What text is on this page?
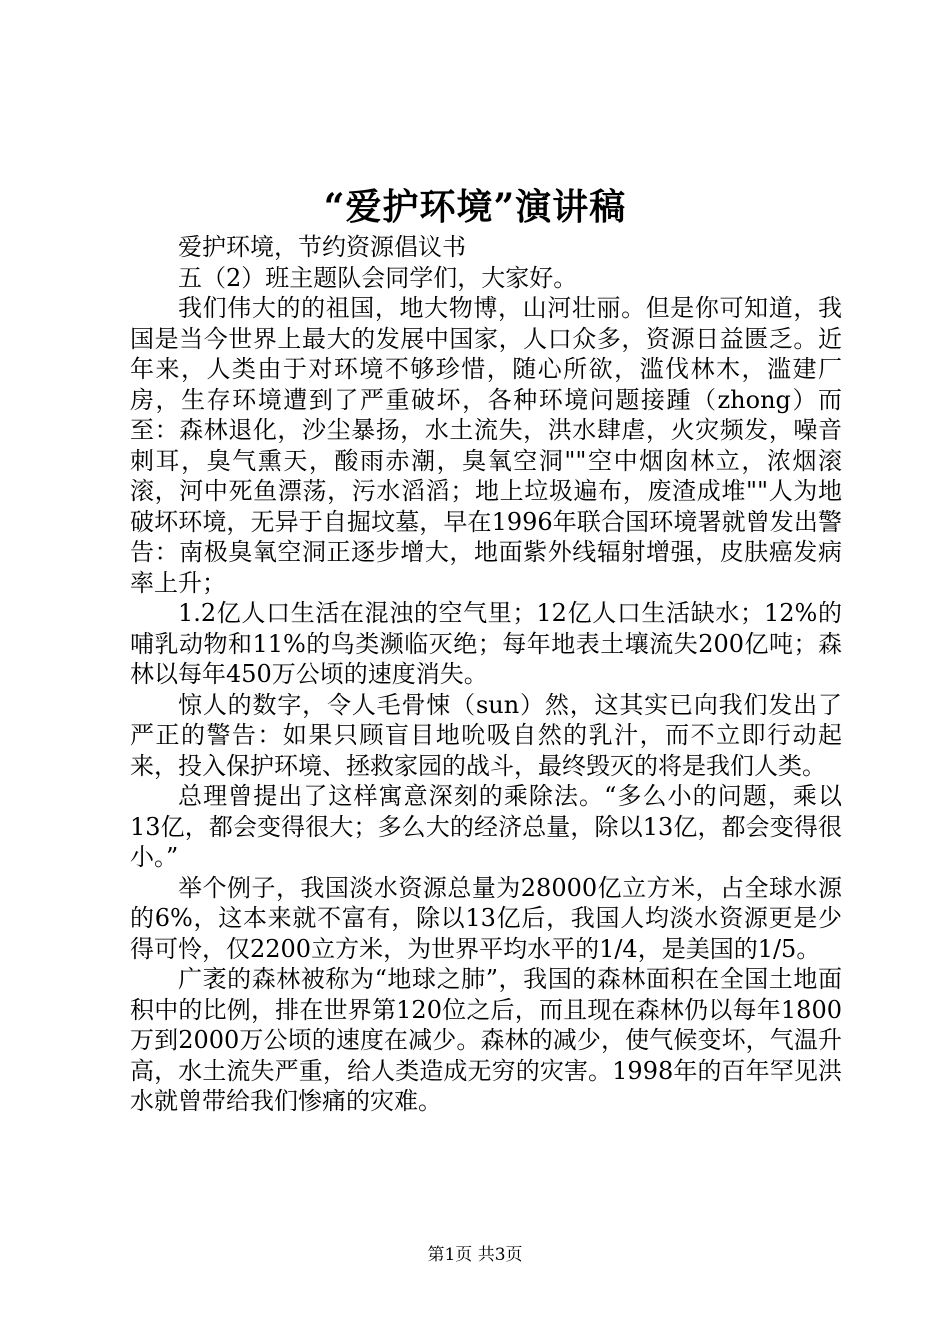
“爱护环境”演讲稿

爱护环境，节约资源倡议书

五（2）班主题队会同学们，大家好。

我们伟大的的祖国，地大物博，山河壮丽。但是你可知道，我国是当今世界上最大的发展中国家，人口众多，资源日益匮乏。近年来，人类由于对环境不够珍惜，随心所欲，滥伐林木，滥建厂房，生存环境遭到了严重破坏，各种环境问题接踵（zhong）而至：森林退化，沙尘暴扬，水土流失，洪水肆虐，火灾频发，噪音刺耳，臭气熏天，酸雨赤潮，臭氧空洞""空中烟囱林立，浓烟滚滚，河中死鱼漂荡，污水滔滔；地上垃圾遍布，废渣成堆""人为地破坏环境，无异于自掘坟墓，早在1996年联合国环境署就曾发出警告：南极臭氧空洞正逐步增大，地面紫外线辐射增强，皮肤癌发病率上升；

1.2亿人口生活在混浊的空气里；12亿人口生活缺水；12%的哺乳动物和11%的鸟类濒临灭绝；每年地表土壤流失200亿吨；森林以每年450万公顷的速度消失。

惊人的数字，令人毛骨悚（sun）然，这其实已向我们发出了严正的警告：如果只顾盲目地吮吸自然的乳汁，而不立即行动起来，投入保护环境、拯救家园的战斗，最终毁灭的将是我们人类。

总理曾提出了这样寓意深刻的乘除法。“多么小的问题，乘以13亿，都会变得很大；多么大的经济总量，除以13亿，都会变得很小。”

举个例子，我国淡水资源总量为28000亿立方米，占全球水源的6%，这本来就不富有，除以13亿后，我国人均淡水资源更是少得可怜，仅2200立方米，为世界平均水平的1/4，是美国的1/5。

广袤的森林被称为“地球之肺”，我国的森林面积在全国土地面积中的比例，排在世界第120位之后，而且现在森林仍以每年1800万到2000万公顷的速度在减少。森林的减少，使气候变坏，气温升高，水土流失严重，给人类造成无穷的灾害。1998年的百年罕见洪水就曾带给我们惨痛的灾难。

第1页 共3页
